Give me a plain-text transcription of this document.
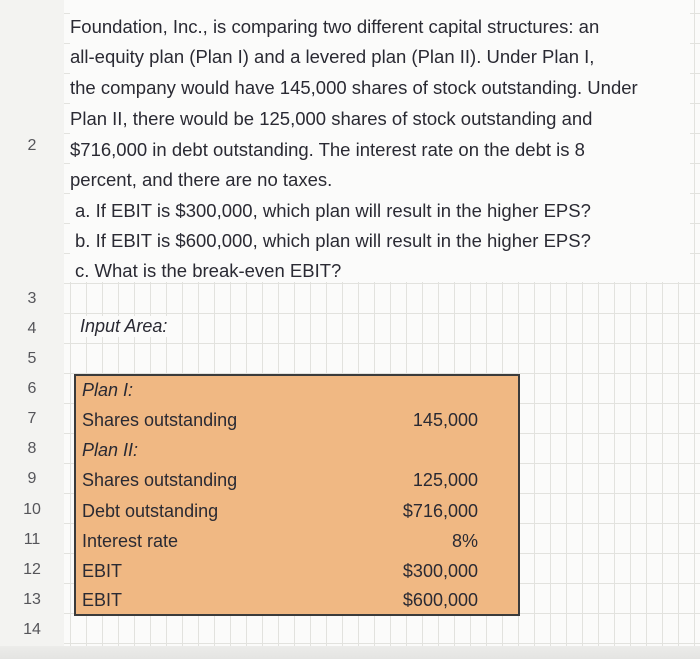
2
Foundation, Inc., is comparing two different capital structures: an
all-equity plan (Plan I) and a levered plan (Plan II). Under Plan I,
the company would have 145,000 shares of stock outstanding. Under
Plan II, there would be 125,000 shares of stock outstanding and
$716,000 in debt outstanding. The interest rate on the debt is 8
percent, and there are no taxes.
a. If EBIT is $300,000, which plan will result in the higher EPS?
b. If EBIT is $600,000, which plan will result in the higher EPS?
c. What is the break-even EBIT?
3
4
5
6
7
8
9
10
11
12
13
14
Input Area:
Plan I:
Shares outstanding	145,000
Plan II:
Shares outstanding	125,000
Debt outstanding	$716,000
Interest rate	8%
EBIT	$300,000
EBIT	$600,000
